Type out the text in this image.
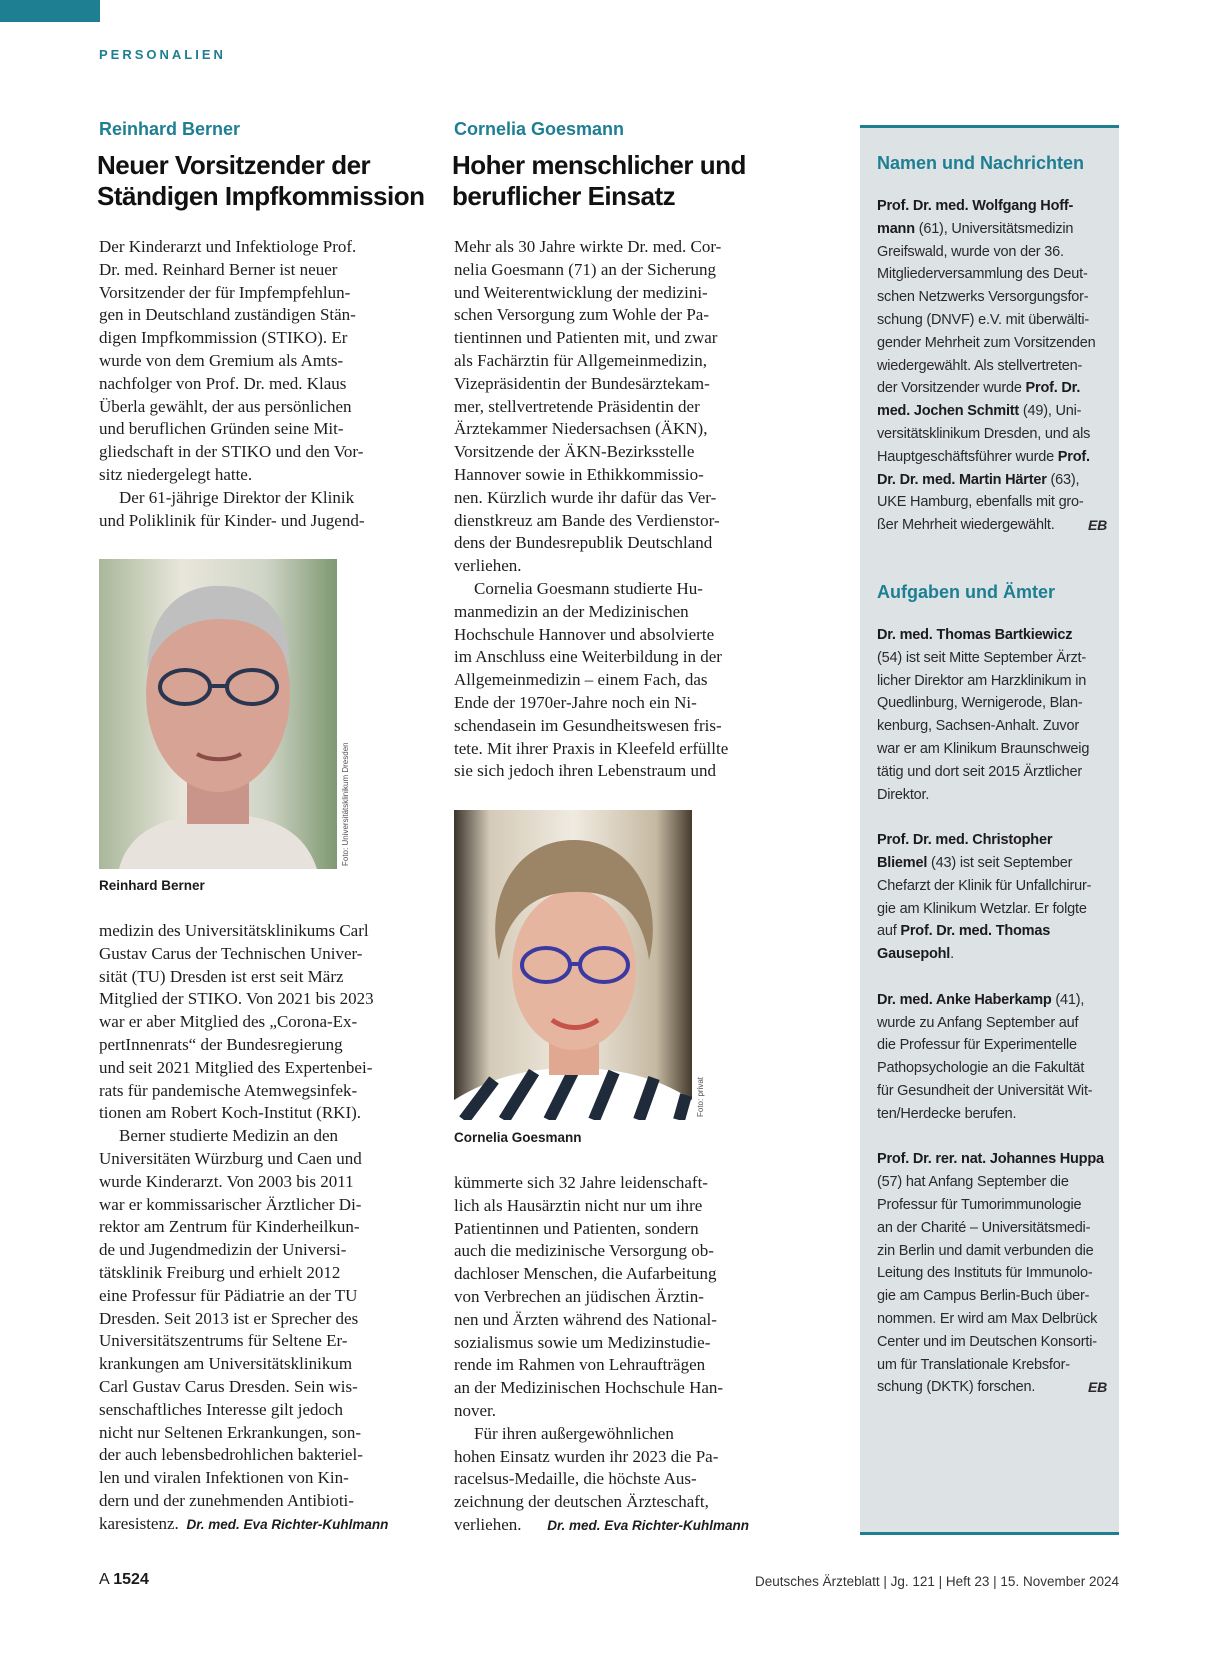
PERSONALIEN
Reinhard Berner
Neuer Vorsitzender der
Ständigen Impfkommission
Der Kinderarzt und Infektiologe Prof.
Dr. med. Reinhard Berner ist neuer
Vorsitzender der für Impfempfehlun-
gen in Deutschland zuständigen Stän-
digen Impfkommission (STIKO). Er
wurde von dem Gremium als Amts-
nachfolger von Prof. Dr. med. Klaus
Überla gewählt, der aus persönlichen
und beruflichen Gründen seine Mit-
gliedschaft in der STIKO und den Vor-
sitz niedergelegt hatte.
Der 61-jährige Direktor der Klinik
und Poliklinik für Kinder- und Jugend-
Foto: Universitätsklinikum Dresden
Reinhard Berner
medizin des Universitätsklinikums Carl
Gustav Carus der Technischen Univer-
sität (TU) Dresden ist erst seit März
Mitglied der STIKO. Von 2021 bis 2023
war er aber Mitglied des „Corona-Ex-
pertInnenrats“ der Bundesregierung
und seit 2021 Mitglied des Expertenbei-
rats für pandemische Atemwegsinfek-
tionen am Robert Koch-Institut (RKI).
Berner studierte Medizin an den
Universitäten Würzburg und Caen und
wurde Kinderarzt. Von 2003 bis 2011
war er kommissarischer Ärztlicher Di-
rektor am Zentrum für Kinderheilkun-
de und Jugendmedizin der Universi-
tätsklinik Freiburg und erhielt 2012
eine Professur für Pädiatrie an der TU
Dresden. Seit 2013 ist er Sprecher des
Universitätszentrums für Seltene Er-
krankungen am Universitätsklinikum
Carl Gustav Carus Dresden. Sein wis-
senschaftliches Interesse gilt jedoch
nicht nur Seltenen Erkrankungen, son-
der auch lebensbedrohlichen bakteriel-
len und viralen Infektionen von Kin-
dern und der zunehmenden Antibioti-
karesistenz. Dr. med. Eva Richter-Kuhlmann
Cornelia Goesmann
Hoher menschlicher und
beruflicher Einsatz
Mehr als 30 Jahre wirkte Dr. med. Cor-
nelia Goesmann (71) an der Sicherung
und Weiterentwicklung der medizini-
schen Versorgung zum Wohle der Pa-
tientinnen und Patienten mit, und zwar
als Fachärztin für Allgemeinmedizin,
Vizepräsidentin der Bundesärztekam-
mer, stellvertretende Präsidentin der
Ärztekammer Niedersachsen (ÄKN),
Vorsitzende der ÄKN-Bezirksstelle
Hannover sowie in Ethikkommissio-
nen. Kürzlich wurde ihr dafür das Ver-
dienstkreuz am Bande des Verdienstor-
dens der Bundesrepublik Deutschland
verliehen.
Cornelia Goesmann studierte Hu-
manmedizin an der Medizinischen
Hochschule Hannover und absolvierte
im Anschluss eine Weiterbildung in der
Allgemeinmedizin – einem Fach, das
Ende der 1970er-Jahre noch ein Ni-
schendasein im Gesundheitswesen fris-
tete. Mit ihrer Praxis in Kleefeld erfüllte
sie sich jedoch ihren Lebenstraum und
Foto: privat
Cornelia Goesmann
kümmerte sich 32 Jahre leidenschaft-
lich als Hausärztin nicht nur um ihre
Patientinnen und Patienten, sondern
auch die medizinische Versorgung ob-
dachloser Menschen, die Aufarbeitung
von Verbrechen an jüdischen Ärztin-
nen und Ärzten während des National-
sozialismus sowie um Medizinstudie-
rende im Rahmen von Lehraufträgen
an der Medizinischen Hochschule Han-
nover.
Für ihren außergewöhnlichen
hohen Einsatz wurden ihr 2023 die Pa-
racelsus-Medaille, die höchste Aus-
zeichnung der deutschen Ärzteschaft,
verliehen. Dr. med. Eva Richter-Kuhlmann
Namen und Nachrichten
Prof. Dr. med. Wolfgang Hoff-
mann (61), Universitätsmedizin
Greifswald, wurde von der 36.
Mitgliederversammlung des Deut-
schen Netzwerks Versorgungsfor-
schung (DNVF) e.V. mit überwälti-
gender Mehrheit zum Vorsitzenden
wiedergewählt. Als stellvertreten-
der Vorsitzender wurde Prof. Dr.
med. Jochen Schmitt (49), Uni-
versitätsklinikum Dresden, und als
Hauptgeschäftsführer wurde Prof.
Dr. Dr. med. Martin Härter (63),
UKE Hamburg, ebenfalls mit gro-
ßer Mehrheit wiedergewählt. EB
Aufgaben und Ämter
Dr. med. Thomas Bartkiewicz
(54) ist seit Mitte September Ärzt-
licher Direktor am Harzklinikum in
Quedlinburg, Wernigerode, Blan-
kenburg, Sachsen-Anhalt. Zuvor
war er am Klinikum Braunschweig
tätig und dort seit 2015 Ärztlicher
Direktor.

Prof. Dr. med. Christopher
Bliemel (43) ist seit September
Chefarzt der Klinik für Unfallchirur-
gie am Klinikum Wetzlar. Er folgte
auf Prof. Dr. med. Thomas
Gausepohl.

Dr. med. Anke Haberkamp (41),
wurde zu Anfang September auf
die Professur für Experimentelle
Pathopsychologie an die Fakultät
für Gesundheit der Universität Wit-
ten/Herdecke berufen.

Prof. Dr. rer. nat. Johannes Huppa
(57) hat Anfang September die
Professur für Tumorimmunologie
an der Charité – Universitätsmedi-
zin Berlin und damit verbunden die
Leitung des Instituts für Immunolo-
gie am Campus Berlin-Buch über-
nommen. Er wird am Max Delbrück
Center und im Deutschen Konsorti-
um für Translationale Krebsfor-
schung (DKTK) forschen.	EB
A 1524	Deutsches Ärzteblatt | Jg. 121 | Heft 23 | 15. November 2024
